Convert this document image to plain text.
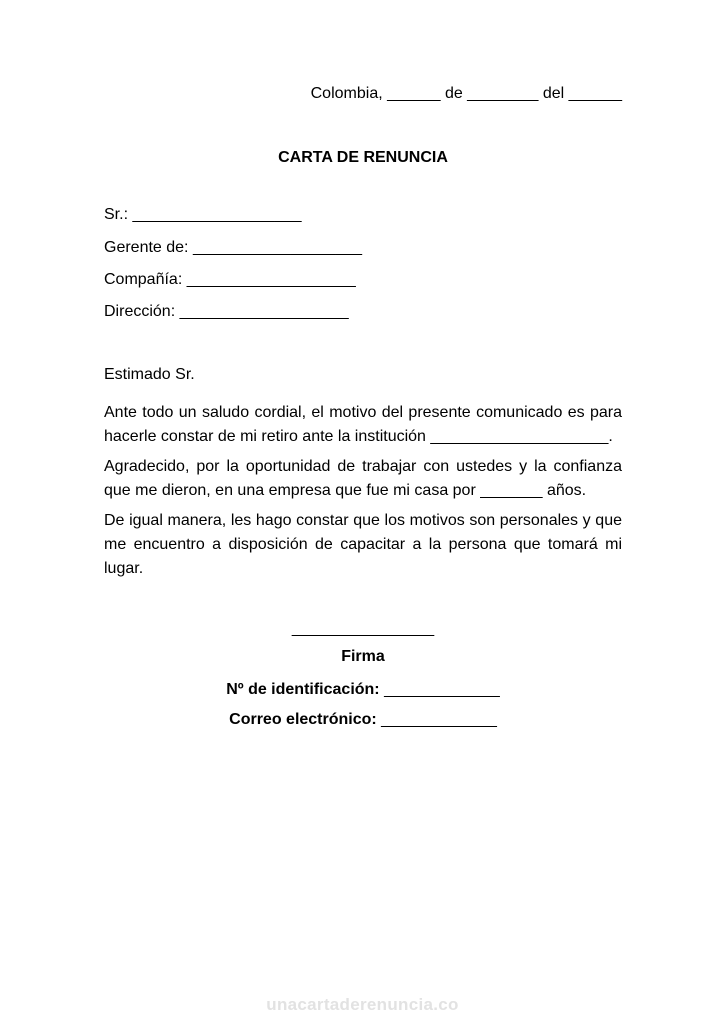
Colombia, ______ de ________ del ______
CARTA DE RENUNCIA
Sr.: ___________________
Gerente de: ___________________
Compañía: ___________________
Dirección: ___________________
Estimado Sr.
Ante todo un saludo cordial, el motivo del presente comunicado es para hacerle constar de mi retiro ante la institución ____________________.
Agradecido, por la oportunidad de trabajar con ustedes y la confianza que me dieron, en una empresa que fue mi casa por _______ años.
De igual manera, les hago constar que los motivos son personales y que me encuentro a disposición de capacitar a la persona que tomará mi lugar.
________________
Firma
Nº de identificación: _____________
Correo electrónico: _____________
unacartaderenuncia.co
